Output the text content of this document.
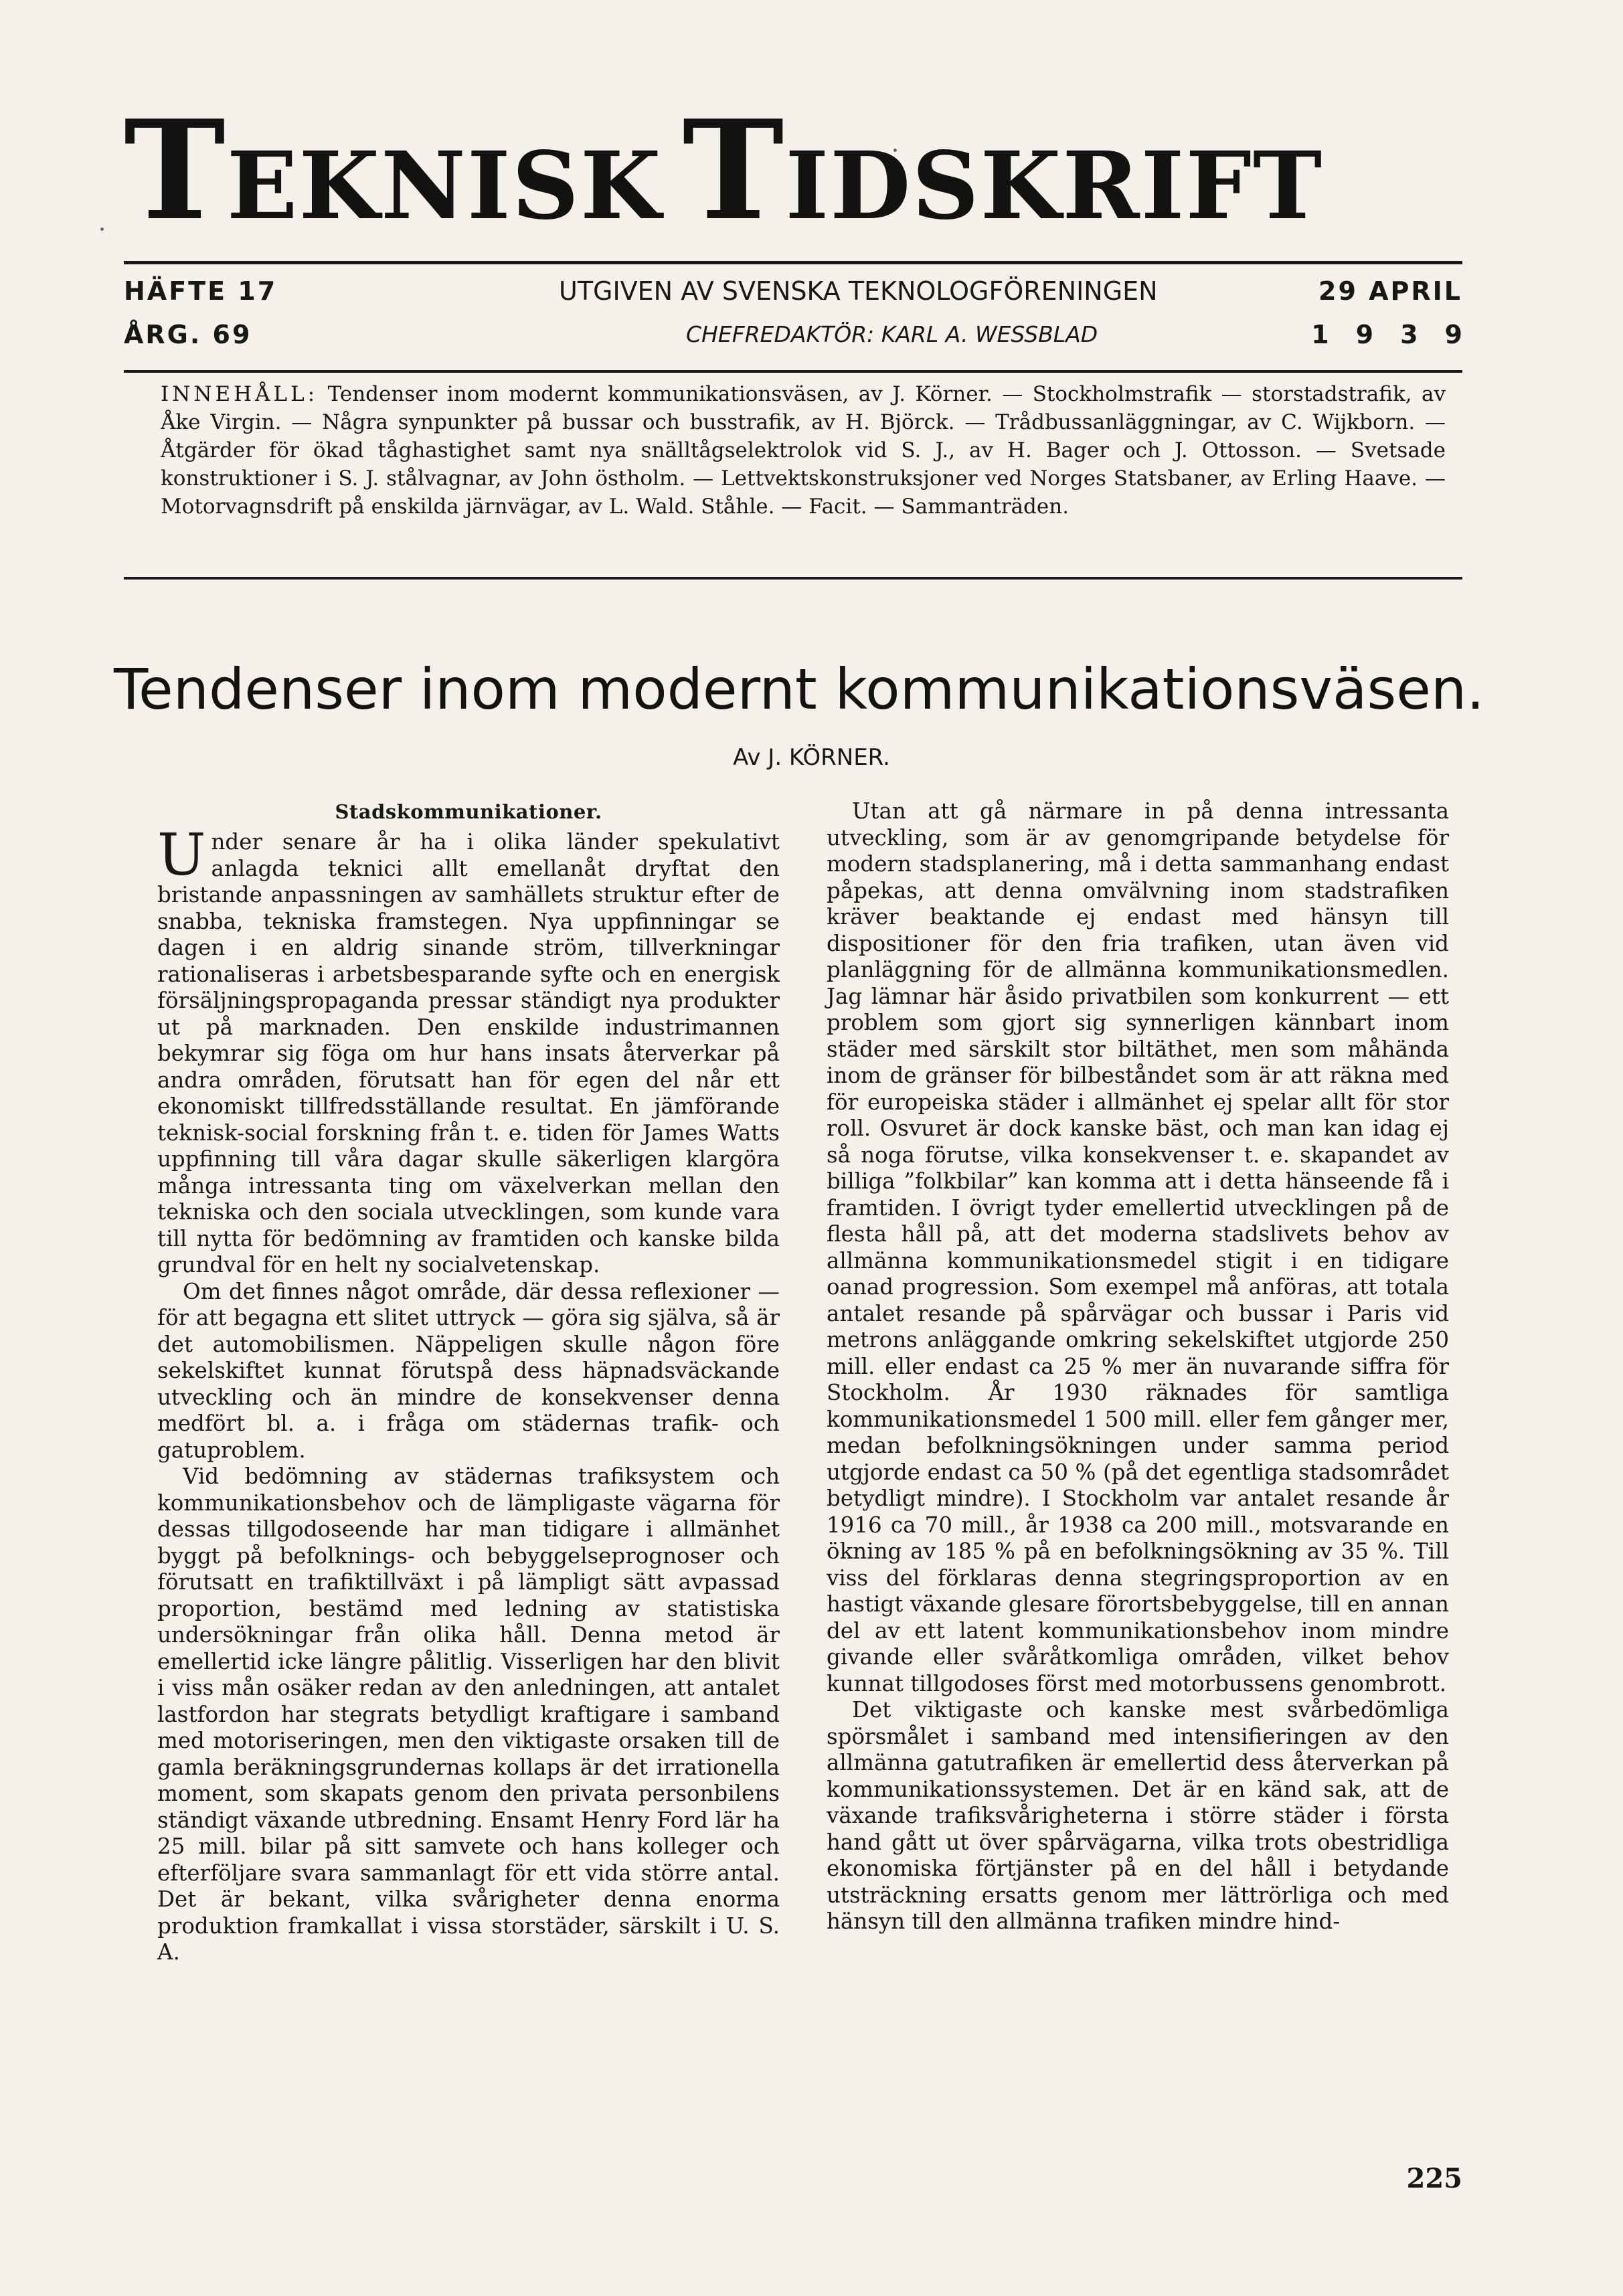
TEKNISK TIDSKRIFT
HÄFTE 17	UTGIVEN AV SVENSKA TEKNOLOGFÖRENINGEN	29 APRIL
ÅRG. 69	CHEFREDAKTÖR: KARL A. WESSBLAD	1939
INNEHÅLL: Tendenser inom modernt kommunikationsväsen, av J. Körner. — Stockholmstrafik — storstadstrafik, av Åke Virgin. — Några synpunkter på bussar och busstrafik, av H. Björck. — Trådbussanläggningar, av C. Wijkborn. — Åtgärder för ökad tåghastighet samt nya snälltågselektrolok vid S. J., av H. Bager och J. Ottosson. — Svetsade konstruktioner i S. J. stålvagnar, av John östholm. — Lettvektskonstruksjoner ved Norges Statsbaner, av Erling Haave. — Motorvagnsdrift på enskilda järnvägar, av L. Wald. Ståhle. — Facit. — Sammanträden.
Tendenser inom modernt kommunikationsväsen.
Av J. KÖRNER.
Stadskommunikationer.

Under senare år ha i olika länder spekulativt anlagda teknici allt emellanåt dryftat den bristande anpassningen av samhällets struktur efter de snabba, tekniska framstegen. Nya uppfinningar se dagen i en aldrig sinande ström, tillverkningar rationaliseras i arbetsbesparande syfte och en energisk försäljningspropaganda pressar ständigt nya produkter ut på marknaden. Den enskilde industrimannen bekymrar sig föga om hur hans insats återverkar på andra områden, förutsatt han för egen del når ett ekonomiskt tillfredsställande resultat. En jämförande teknisk-social forskning från t. e. tiden för James Watts uppfinning till våra dagar skulle säkerligen klargöra många intressanta ting om växelverkan mellan den tekniska och den sociala utvecklingen, som kunde vara till nytta för bedömning av framtiden och kanske bilda grundval för en helt ny socialvetenskap.

Om det finnes något område, där dessa reflexioner — för att begagna ett slitet uttryck — göra sig själva, så är det automobilismen. Näppeligen skulle någon före sekelskiftet kunnat förutspå dess häpnadsväckande utveckling och än mindre de konsekvenser denna medfört bl. a. i fråga om städernas trafik- och gatuproblem.

Vid bedömning av städernas trafiksystem och kommunikationsbehov och de lämpligaste vägarna för dessas tillgodoseende har man tidigare i allmänhet byggt på befolknings- och bebyggelseprognoser och förutsatt en trafiktillväxt i på lämpligt sätt avpassad proportion, bestämd med ledning av statistiska undersökningar från olika håll. Denna metod är emellertid icke längre pålitlig. Visserligen har den blivit i viss mån osäker redan av den anledningen, att antalet lastfordon har stegrats betydligt kraftigare i samband med motoriseringen, men den viktigaste orsaken till de gamla beräkningsgrundernas kollaps är det irrationella moment, som skapats genom den privata personbilens ständigt växande utbredning. Ensamt Henry Ford lär ha 25 mill. bilar på sitt samvete och hans kolleger och efterföljare svara sammanlagt för ett vida större antal. Det är bekant, vilka svårigheter denna enorma produktion framkallat i vissa storstäder, särskilt i U. S. A.

Utan att gå närmare in på denna intressanta utveckling, som är av genomgripande betydelse för modern stadsplanering, må i detta sammanhang endast påpekas, att denna omvälvning inom stadstrafiken kräver beaktande ej endast med hänsyn till dispositioner för den fria trafiken, utan även vid planläggning för de allmänna kommunikationsmedlen. Jag lämnar här åsido privatbilen som konkurrent — ett problem som gjort sig synnerligen kännbart inom städer med särskilt stor biltäthet, men som måhända inom de gränser för bilbeståndet som är att räkna med för europeiska städer i allmänhet ej spelar allt för stor roll. Osvuret är dock kanske bäst, och man kan idag ej så noga förutse, vilka konsekvenser t. e. skapandet av billiga ”folkbilar” kan komma att i detta hänseende få i framtiden. I övrigt tyder emellertid utvecklingen på de flesta håll på, att det moderna stadslivets behov av allmänna kommunikationsmedel stigit i en tidigare oanad progression. Som exempel må anföras, att totala antalet resande på spårvägar och bussar i Paris vid metrons anläggande omkring sekelskiftet utgjorde 250 mill. eller endast ca 25 % mer än nuvarande siffra för Stockholm. År 1930 räknades för samtliga kommunikationsmedel 1 500 mill. eller fem gånger mer, medan befolkningsökningen under samma period utgjorde endast ca 50 % (på det egentliga stadsområdet betydligt mindre). I Stockholm var antalet resande år 1916 ca 70 mill., år 1938 ca 200 mill., motsvarande en ökning av 185 % på en befolkningsökning av 35 %. Till viss del förklaras denna stegringsproportion av en hastigt växande glesare förortsbebyggelse, till en annan del av ett latent kommunikationsbehov inom mindre givande eller svåråtkomliga områden, vilket behov kunnat tillgodoses först med motorbussens genombrott.

Det viktigaste och kanske mest svårbedömliga spörsmålet i samband med intensifieringen av den allmänna gatutrafiken är emellertid dess återverkan på kommunikationssystemen. Det är en känd sak, att de växande trafiksvårigheterna i större städer i första hand gått ut över spårvägarna, vilka trots obestridliga ekonomiska förtjänster på en del håll i betydande utsträckning ersatts genom mer lättrörliga och med hänsyn till den allmänna trafiken mindre hind-

225
